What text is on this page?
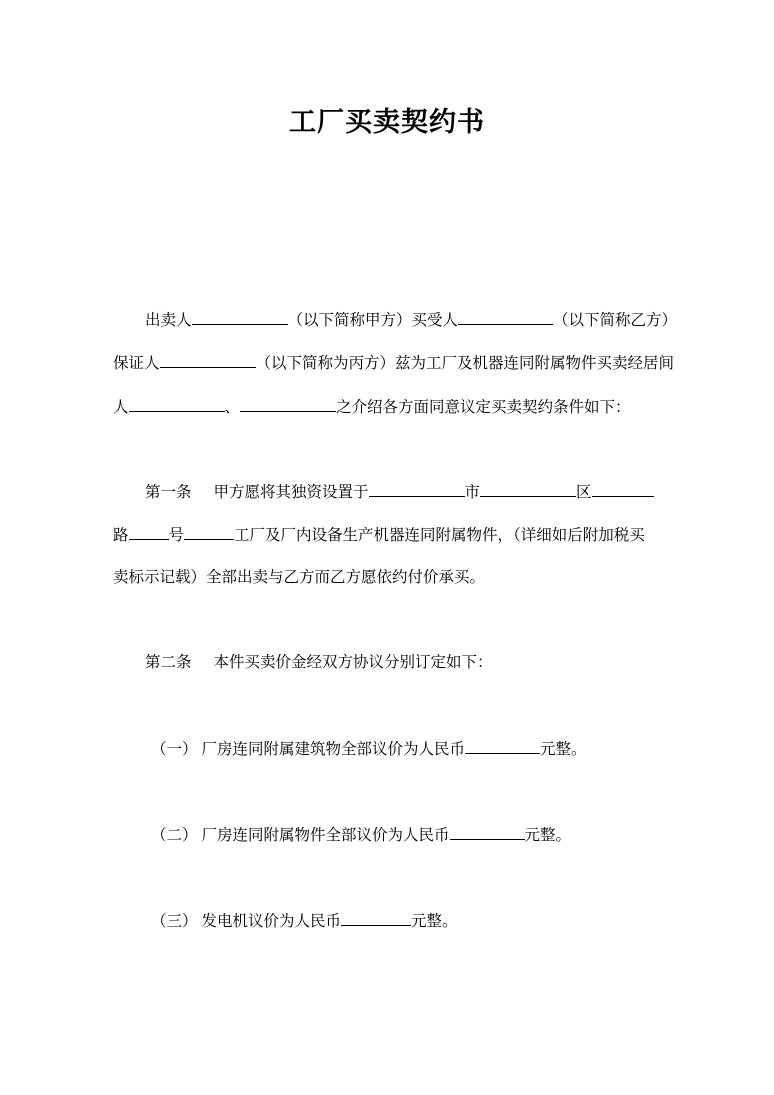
工厂买卖契约书
出卖人	（以下简称甲方）买受人	（以下简称乙方）
保证人	（以下简称为丙方）兹为工厂及机器连同附属物件买卖经居间
人	、	之介绍各方面同意议定买卖契约条件如下：
第一条 甲方愿将其独资设置于	市	区
路	号	工厂及厂内设备生产机器连同附属物件，（详细如后附加税买
卖标示记载）全部出卖与乙方而乙方愿依约付价承买。
第二条 本件买卖价金经双方协议分别订定如下：
（一） 厂房连同附属建筑物全部议价为人民币	元整。
（二） 厂房连同附属物件全部议价为人民币	元整。
（三） 发电机议价为人民币	元整。
